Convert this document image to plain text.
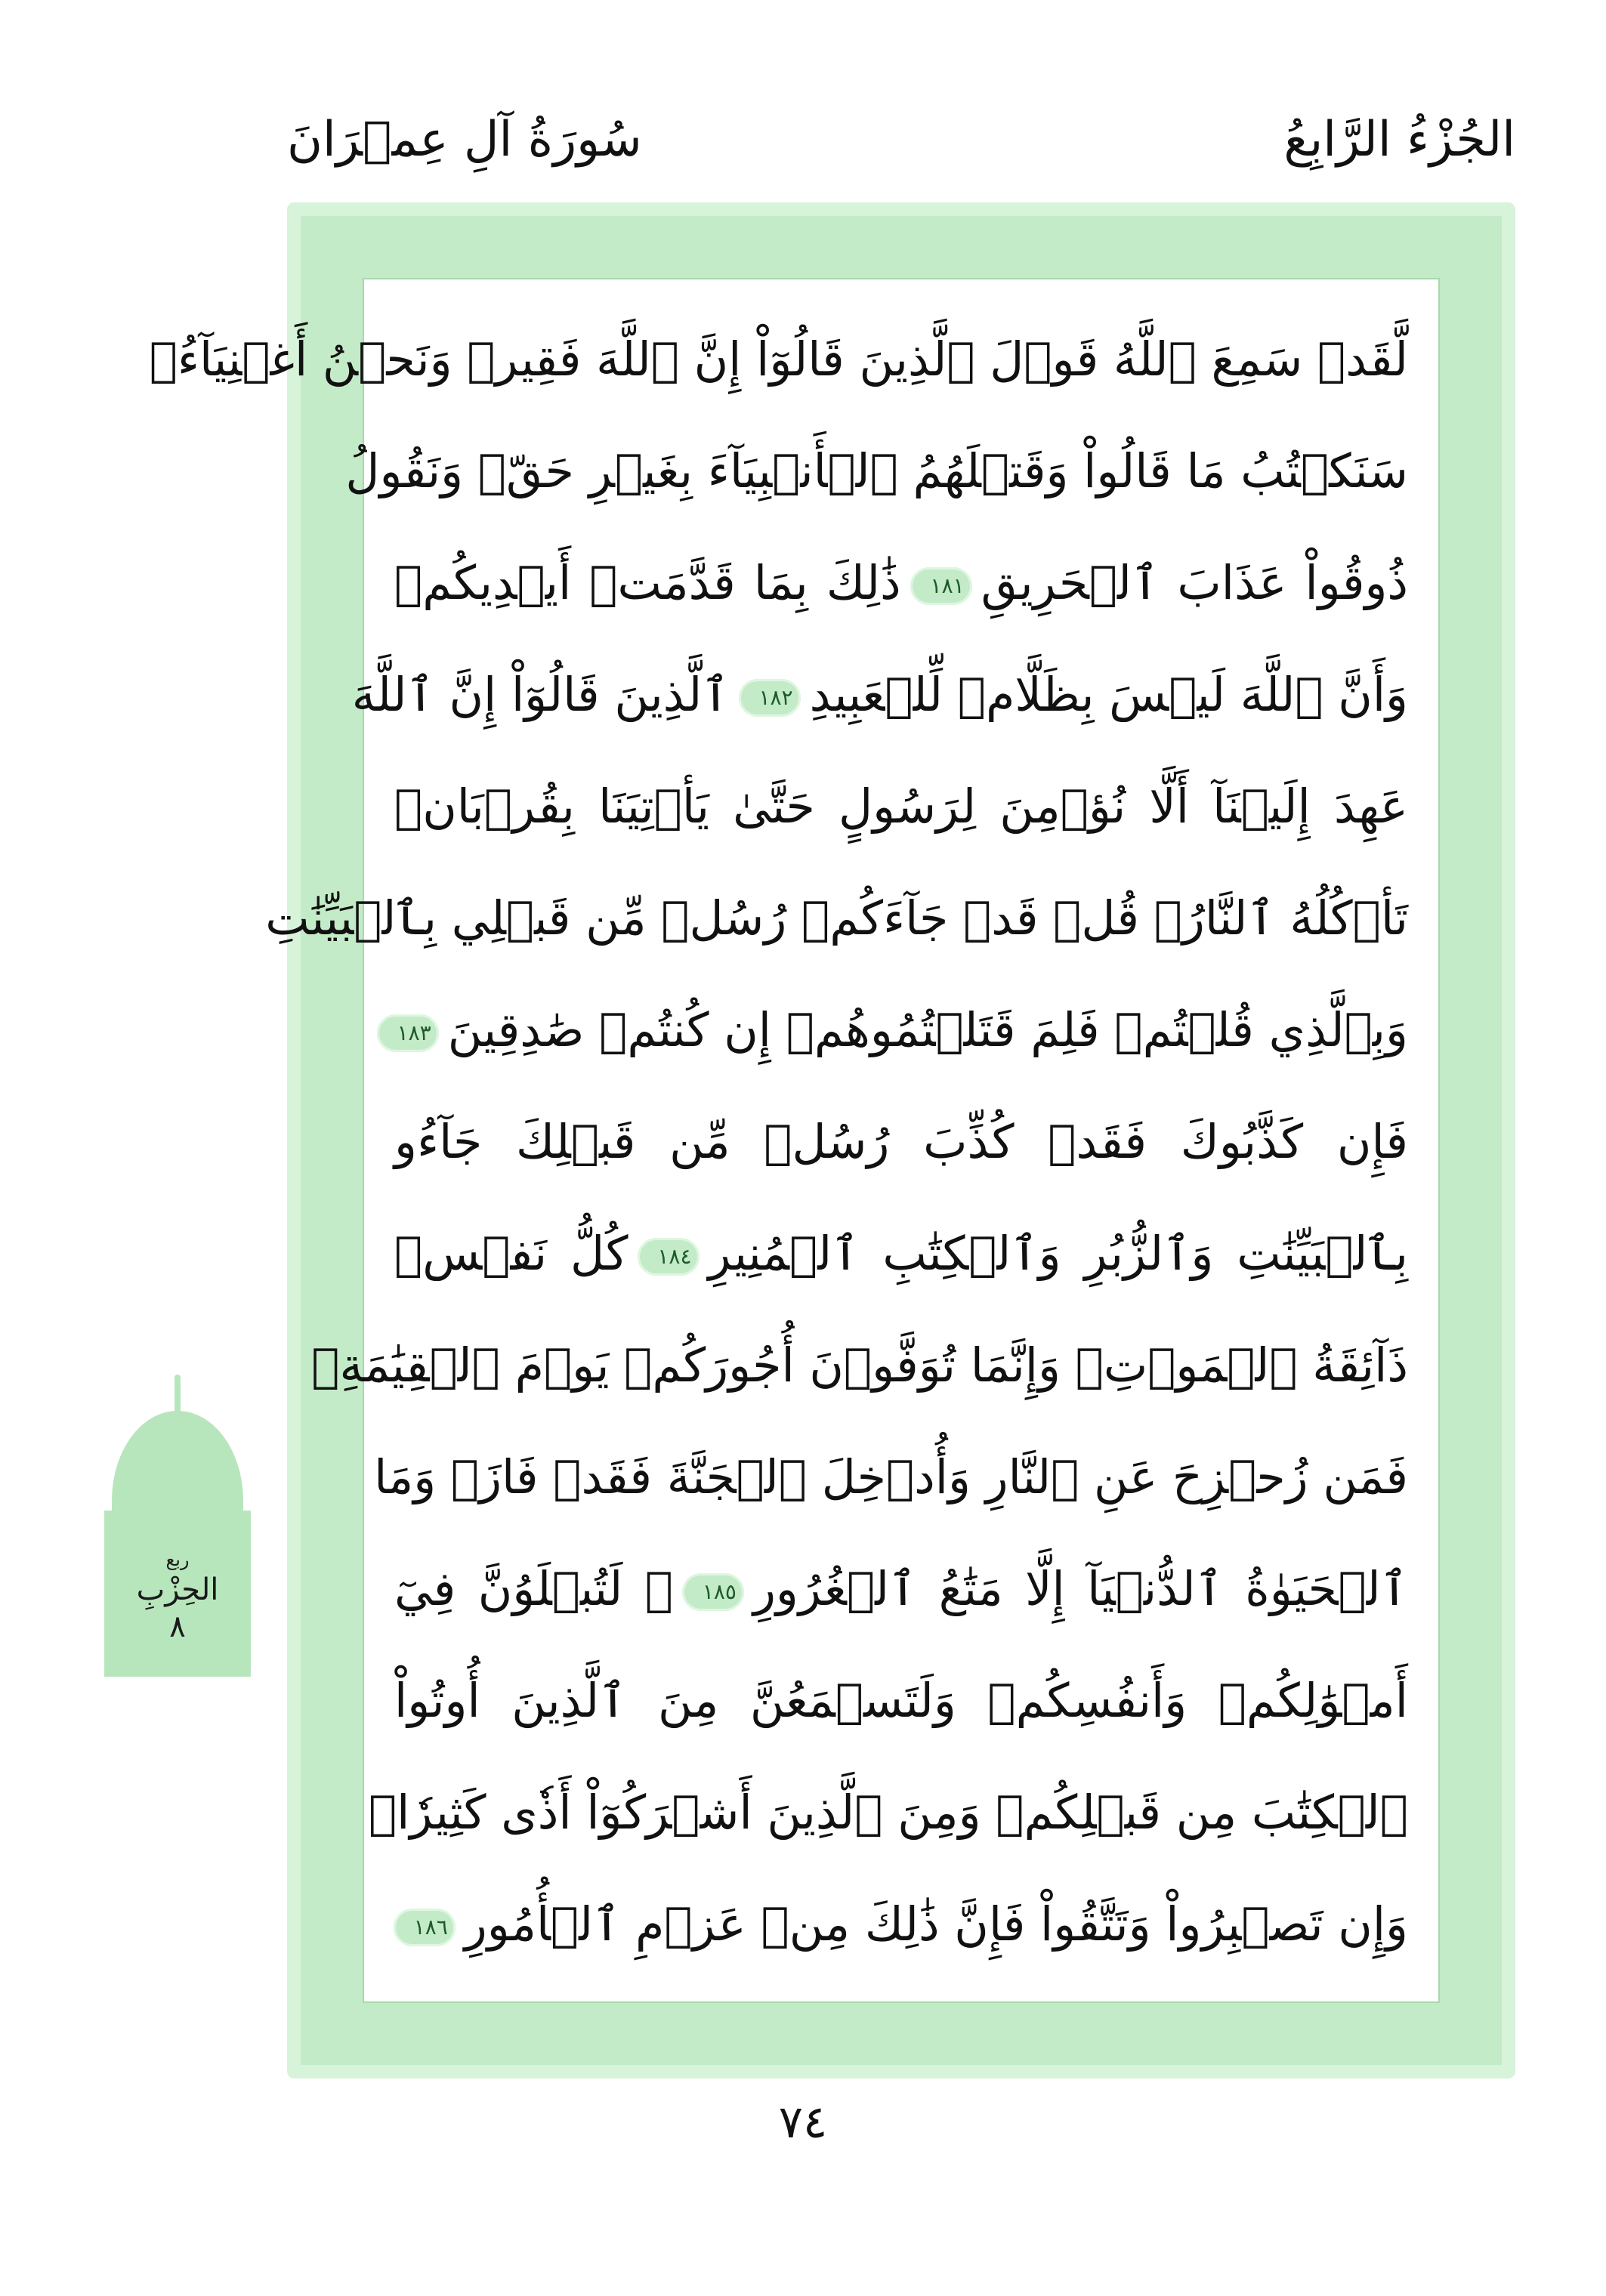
الجُزْءُ الرَّابِعُ
سُورَةُ آلِ عِمۡرَانَ
لَّقَدۡ سَمِعَ ٱللَّهُ قَوۡلَ ٱلَّذِينَ قَالُوٓاْ إِنَّ ٱللَّهَ فَقِيرٞ وَنَحۡنُ أَغۡنِيَآءُۘ
سَنَكۡتُبُ مَا قَالُواْ وَقَتۡلَهُمُ ٱلۡأَنۢبِيَآءَ بِغَيۡرِ حَقّٖ وَنَقُولُ
ذُوقُواْ عَذَابَ ٱلۡحَرِيقِ١٨١ذَٰلِكَ بِمَا قَدَّمَتۡ أَيۡدِيكُمۡ
وَأَنَّ ٱللَّهَ لَيۡسَ بِظَلَّامٖ لِّلۡعَبِيدِ١٨٢ٱلَّذِينَ قَالُوٓاْ إِنَّ ٱللَّهَ
عَهِدَ إِلَيۡنَآ أَلَّا نُؤۡمِنَ لِرَسُولٍ حَتَّىٰ يَأۡتِيَنَا بِقُرۡبَانٖ
تَأۡكُلُهُ ٱلنَّارُۗ قُلۡ قَدۡ جَآءَكُمۡ رُسُلٞ مِّن قَبۡلِي بِٱلۡبَيِّنَٰتِ
وَبِٱلَّذِي قُلۡتُمۡ فَلِمَ قَتَلۡتُمُوهُمۡ إِن كُنتُمۡ صَٰدِقِينَ١٨٣
فَإِن كَذَّبُوكَ فَقَدۡ كُذِّبَ رُسُلٞ مِّن قَبۡلِكَ جَآءُو
بِٱلۡبَيِّنَٰتِ وَٱلزُّبُرِ وَٱلۡكِتَٰبِ ٱلۡمُنِيرِ١٨٤كُلُّ نَفۡسٖ
ذَآئِقَةُ ٱلۡمَوۡتِۗ وَإِنَّمَا تُوَفَّوۡنَ أُجُورَكُمۡ يَوۡمَ ٱلۡقِيَٰمَةِۖ
فَمَن زُحۡزِحَ عَنِ ٱلنَّارِ وَأُدۡخِلَ ٱلۡجَنَّةَ فَقَدۡ فَازَۗ وَمَا
ٱلۡحَيَوٰةُ ٱلدُّنۡيَآ إِلَّا مَتَٰعُ ٱلۡغُرُورِ١٨٥۞ لَتُبۡلَوُنَّ فِيٓ
أَمۡوَٰلِكُمۡ وَأَنفُسِكُمۡ وَلَتَسۡمَعُنَّ مِنَ ٱلَّذِينَ أُوتُواْ
ٱلۡكِتَٰبَ مِن قَبۡلِكُمۡ وَمِنَ ٱلَّذِينَ أَشۡرَكُوٓاْ أَذٗى كَثِيرٗاۚ
وَإِن تَصۡبِرُواْ وَتَتَّقُواْ فَإِنَّ ذَٰلِكَ مِنۡ عَزۡمِ ٱلۡأُمُورِ١٨٦
ربع
الحِزْبِ
٨
٧٤
